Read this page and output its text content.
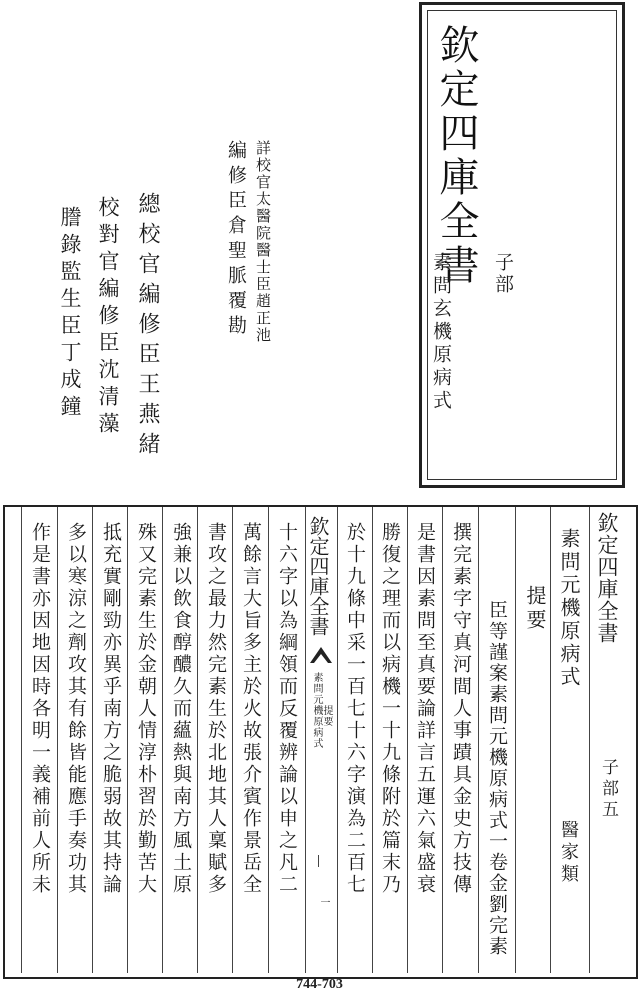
欽定四庫全書 子部
素問玄機原病式
詳校官太醫院醫士臣趙正池
編修臣倉聖脈覆勘
總校官編修臣王燕緒
校對官編修臣沈清藻
謄錄監生臣丁成鐘
欽定四庫全書
子部五
素問元機原病式
醫家類
提要
臣等謹案素問元機原病式一卷金劉完素
撰完素字守真河間人事蹟具金史方技傳
是書因素問至真要論詳言五運六氣盛衰
勝復之理而以病機一十九條附於篇末乃
於十九條中采一百七十六字演為二百七
欽定四庫全書
素問元機原病式 提要
一
十六字以為綱領而反覆辨論以申之凡二
萬餘言大旨多主於火故張介賓作景岳全
書攻之最力然完素生於北地其人稟賦多
強兼以飲食醇醲久而蘊熱與南方風土原
殊又完素生於金朝人情淳朴習於勤苦大
抵充實剛勁亦異乎南方之脆弱故其持論
多以寒涼之劑攻其有餘皆能應手奏功其
作是書亦因地因時各明一義補前人所未
744-703
